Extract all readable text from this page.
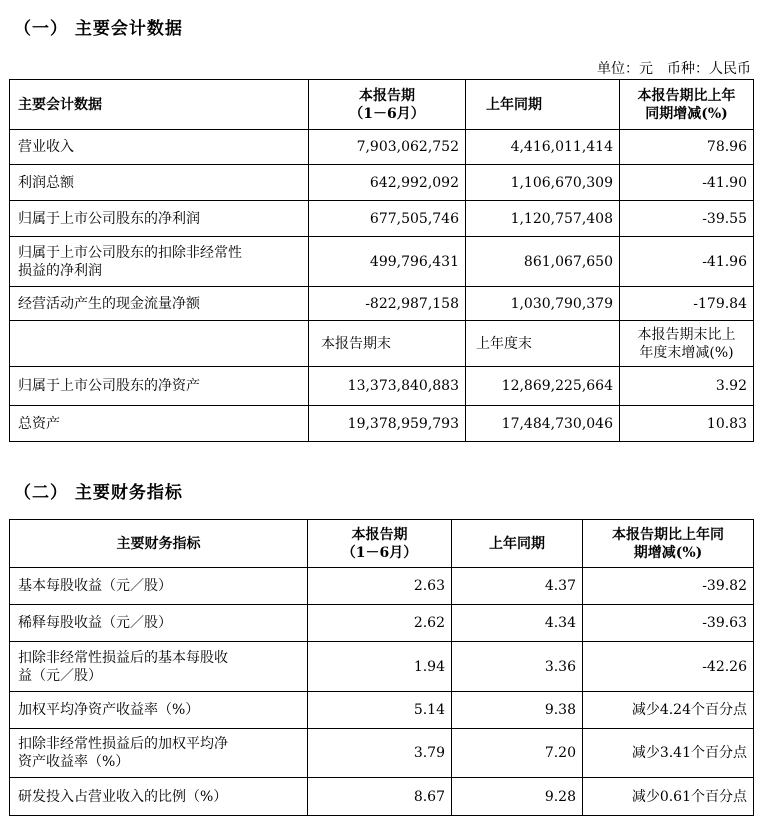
（一） 主要会计数据
单位：元　币种：人民币
主要会计数据	本报告期
（1－6月）	上年同期	本报告期比上年
同期增减(%)
营业收入	7,903,062,752	4,416,011,414	78.96
利润总额	642,992,092	1,106,670,309	-41.90
归属于上市公司股东的净利润	677,505,746	1,120,757,408	-39.55
归属于上市公司股东的扣除非经常性
损益的净利润	499,796,431	861,067,650	-41.96
经营活动产生的现金流量净额	-822,987,158	1,030,790,379	-179.84
	本报告期末	上年度末	本报告期末比上
年度末增减(%)
归属于上市公司股东的净资产	13,373,840,883	12,869,225,664	3.92
总资产	19,378,959,793	17,484,730,046	10.83
（二） 主要财务指标
主要财务指标	本报告期
（1－6月）	上年同期	本报告期比上年同
期增减(%)
基本每股收益（元／股）	2.63	4.37	-39.82
稀释每股收益（元／股）	2.62	4.34	-39.63
扣除非经常性损益后的基本每股收
益（元／股）	1.94	3.36	-42.26
加权平均净资产收益率（%）	5.14	9.38	减少4.24个百分点
扣除非经常性损益后的加权平均净
资产收益率（%）	3.79	7.20	减少3.41个百分点
研发投入占营业收入的比例（%）	8.67	9.28	减少0.61个百分点
